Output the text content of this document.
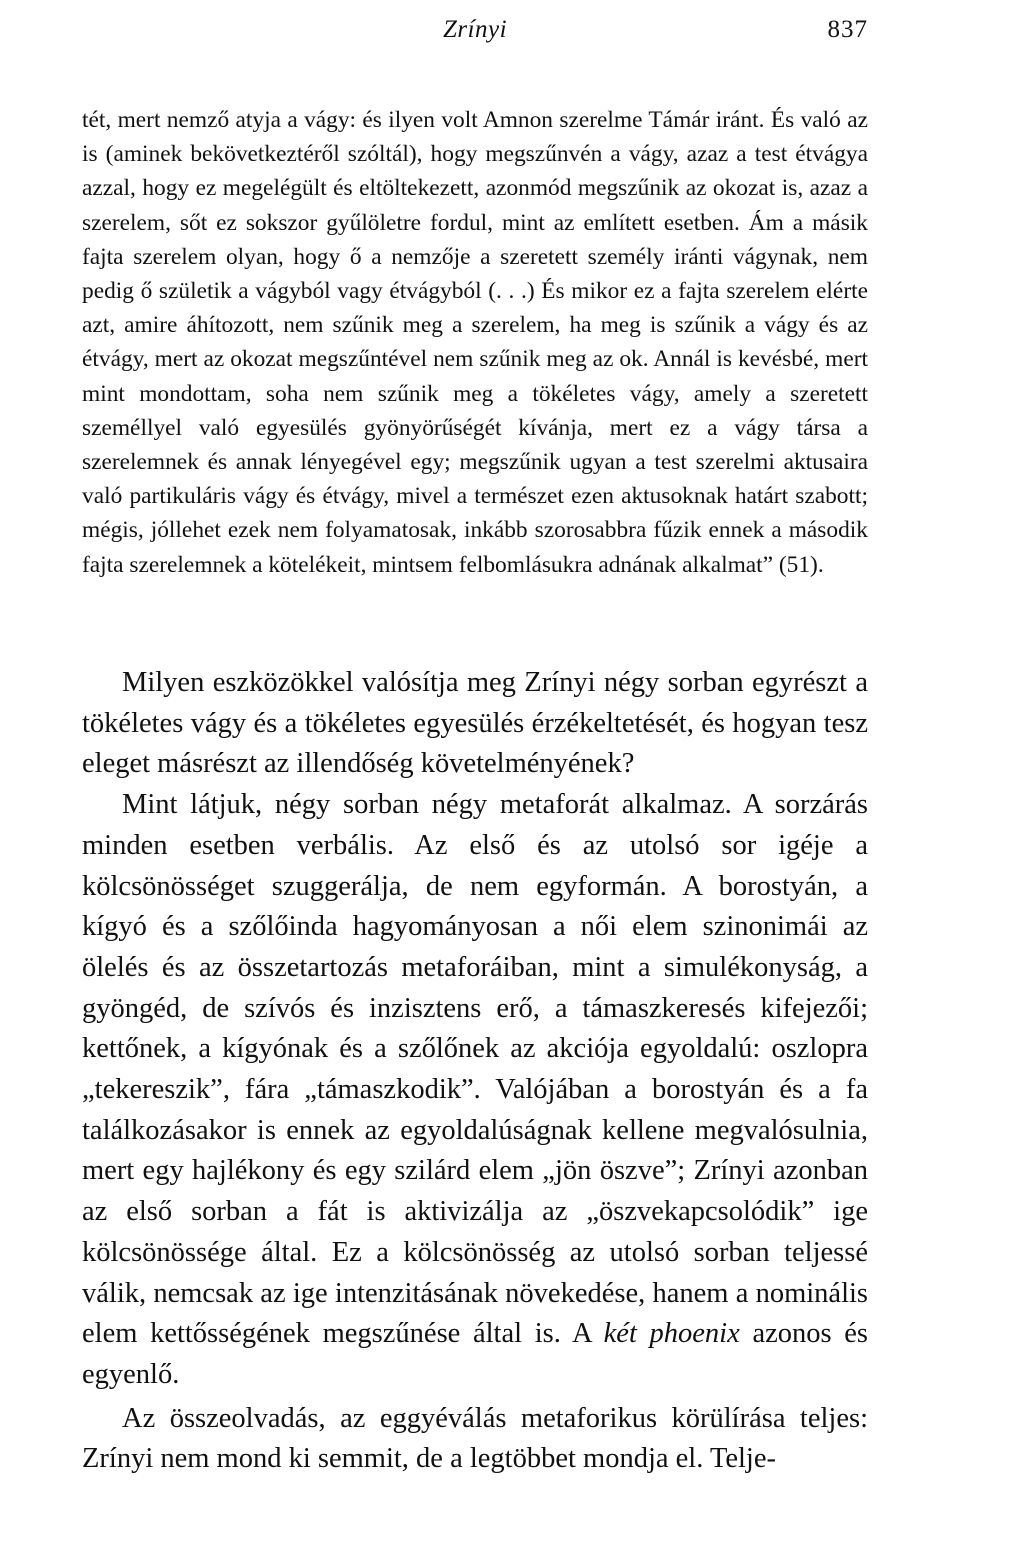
Zrínyi	837

tét, mert nemző atyja a vágy: és ilyen volt Amnon szerelme Támár iránt. És való az is (aminek bekövetkeztéről szóltál), hogy megszűnvén a vágy, azaz a test étvágya azzal, hogy ez megelégült és eltöltekezett, azonmód megszűnik az okozat is, azaz a szerelem, sőt ez sokszor gyűlöletre fordul, mint az említett esetben. Ám a másik fajta szerelem olyan, hogy ő a nemzője a szeretett személy iránti vágynak, nem pedig ő születik a vágyból vagy étvágyból (. . .) És mikor ez a fajta szerelem elérte azt, amire áhítozott, nem szűnik meg a szerelem, ha meg is szűnik a vágy és az étvágy, mert az okozat megszűntével nem szűnik meg az ok. Annál is kevésbé, mert mint mondottam, soha nem szűnik meg a tökéletes vágy, amely a szeretett személlyel való egyesülés gyönyörűségét kívánja, mert ez a vágy társa a szerelemnek és annak lényegével egy; megszűnik ugyan a test szerelmi aktusaira való partikuláris vágy és étvágy, mivel a természet ezen aktusoknak határt szabott; mégis, jóllehet ezek nem folyamatosak, inkább szorosabbra fűzik ennek a második fajta szerelemnek a kötelékeit, mintsem felbomlásukra adnának alkalmat” (51).

Milyen eszközökkel valósítja meg Zrínyi négy sorban egyrészt a tökéletes vágy és a tökéletes egyesülés érzékeltetését, és hogyan tesz eleget másrészt az illendőség követelményének?

Mint látjuk, négy sorban négy metaforát alkalmaz. A sorzárás minden esetben verbális. Az első és az utolsó sor igéje a kölcsönösséget szuggerálja, de nem egyformán. A borostyán, a kígyó és a szőlőinda hagyományosan a női elem szinonimái az ölelés és az összetartozás metaforáiban, mint a simulékonyság, a gyöngéd, de szívós és inzisztens erő, a támaszkeresés kifejezői; kettőnek, a kígyónak és a szőlőnek az akciója egyoldalú: oszlopra „tekereszik”, fára „támaszkodik”. Valójában a borostyán és a fa találkozásakor is ennek az egyoldalúságnak kellene megvalósulnia, mert egy hajlékony és egy szilárd elem „jön öszve”; Zrínyi azonban az első sorban a fát is aktivizálja az „öszvekapcsolódik” ige kölcsönössége által. Ez a kölcsönösség az utolsó sorban teljessé válik, nemcsak az ige intenzitásának növekedése, hanem a nominális elem kettősségének megszűnése által is. A két phoenix azonos és egyenlő.

Az összeolvadás, az eggyéválás metaforikus körülírása teljes: Zrínyi nem mond ki semmit, de a legtöbbet mondja el. Telje-
